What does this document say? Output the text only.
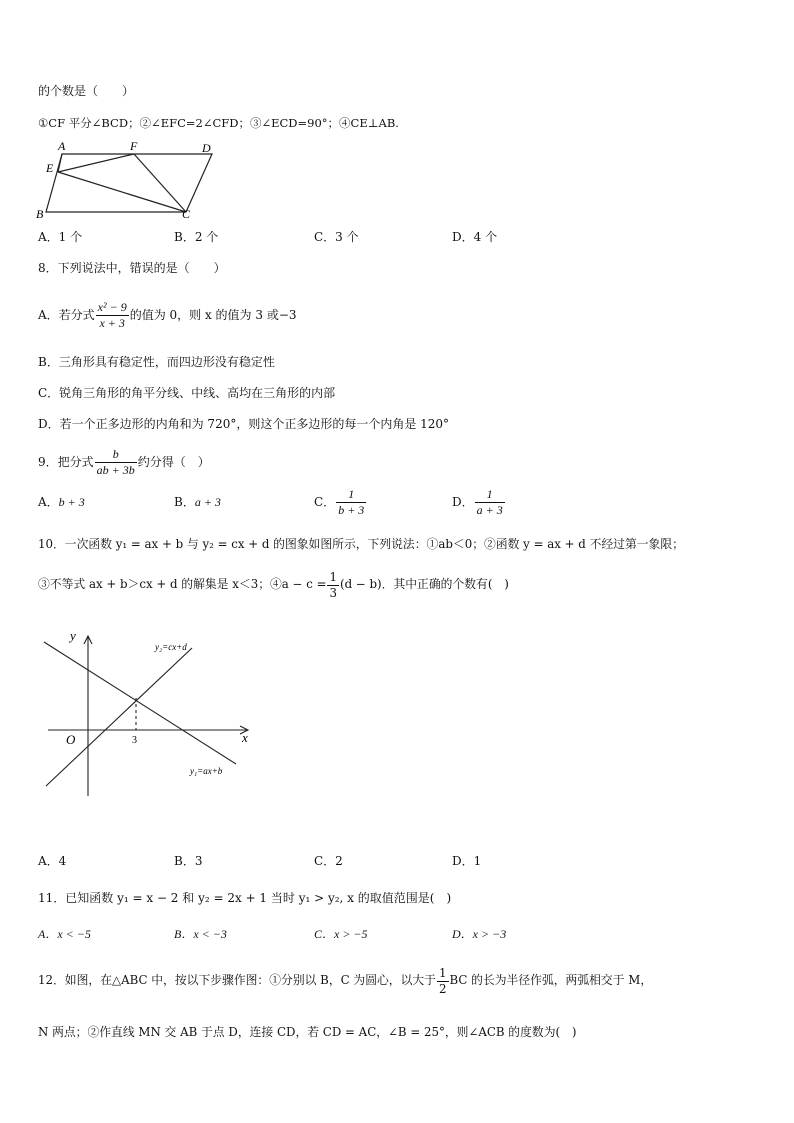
的个数是（　　）
①CF 平分∠BCD；②∠EFC=2∠CFD；③∠ECD=90°；④CE⊥AB.
A	F	D
E
B	C
A．1 个	B．2 个	C．3 个	D．4 个
8．下列说法中，错误的是（　　）
A．若分式 $\frac{\text{x² − 9}}{x + 3}$ 的值为 0，则 x 的值为 3 或−3
B．三角形具有稳定性，而四边形没有稳定性
C．锐角三角形的角平分线、中线、高均在三角形的内部
D．若一个正多边形的内角和为 720°，则这个正多边形的每一个内角是 120°
9．把分式 $\frac{b}{ab + 3b}$ 约分得（　）
A．b + 3	B．a + 3	C． $\frac{1}{b + 3}$	D． $\frac{1}{a + 3}$
10．一次函数 y₁ = ax + b 与 y₂ = cx + d 的图象如图所示，下列说法：①ab＜0；②函数 y = ax + d 不经过第一象限；
③不等式 ax + b＞cx + d 的解集是 x＜3；④a − $c = \frac{1}{3} (d - b)$．其中正确的个数有(　)
y
x
O	3
y₂=cx+d
y₁=ax+b
A．4	B．3	C．2	D．1
11．已知函数 y₁ = x − 2 和 y₂ = 2x + 1 当时 y₁ > y₂, x 的取值范围是(　)
A．x < −5	B．x < −3	C．x > −5	D．x > −3
12．如图，在△ABC 中，按以下步骤作图：①分别以 B，C 为圆心，以大于 $\frac{1}{2}$ BC 的长为半径作弧，两弧相交于 M，
N 两点；②作直线 MN 交 AB 于点 D，连接 CD，若 CD = AC，∠B = 25°，则∠ACB 的度数为(　)
